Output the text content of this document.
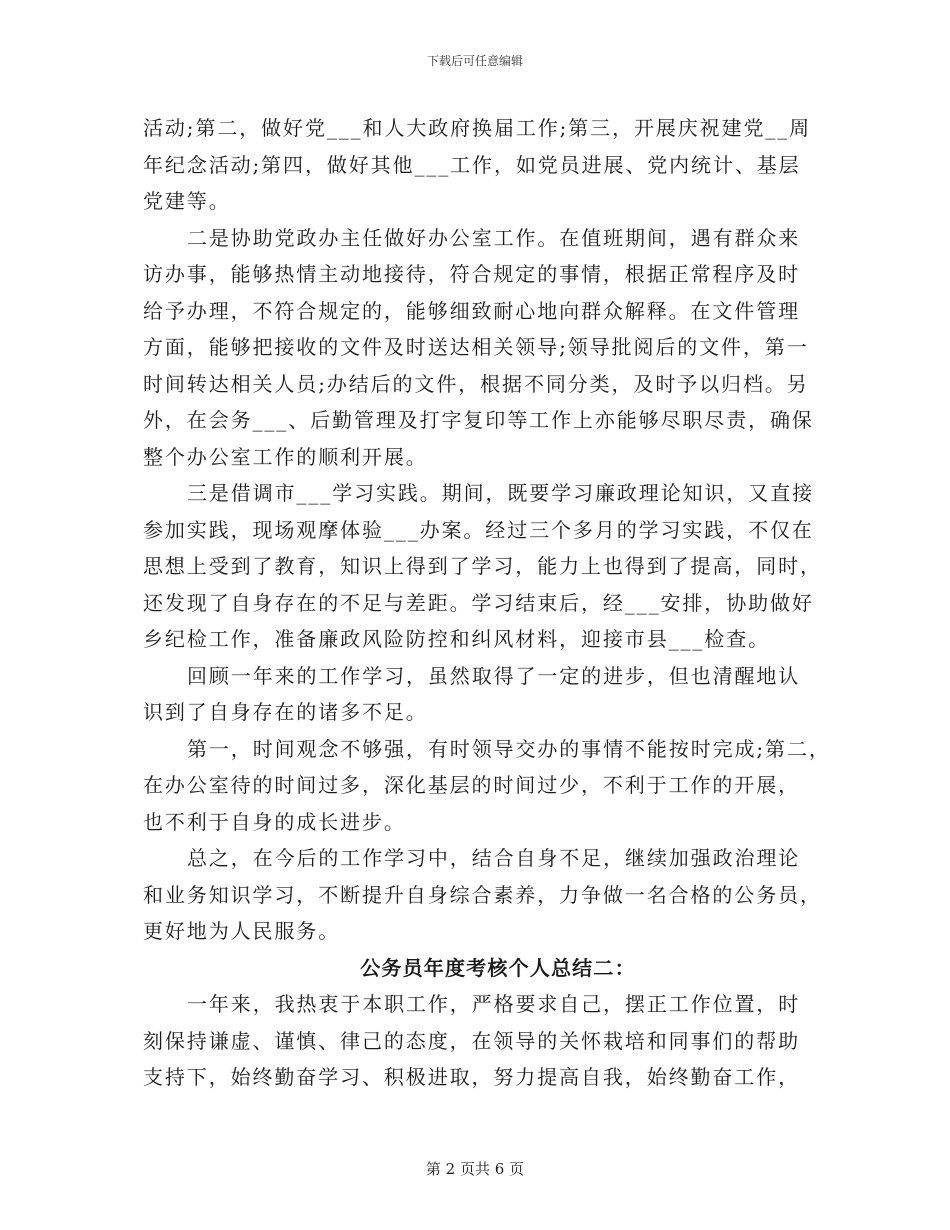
下载后可任意编辑
活动;第二，做好党___和人大政府换届工作;第三，开展庆祝建党__周
年纪念活动;第四，做好其他___工作，如党员进展、党内统计、基层
党建等。
二是协助党政办主任做好办公室工作。在值班期间，遇有群众来
访办事，能够热情主动地接待，符合规定的事情，根据正常程序及时
给予办理，不符合规定的，能够细致耐心地向群众解释。在文件管理
方面，能够把接收的文件及时送达相关领导;领导批阅后的文件，第一
时间转达相关人员;办结后的文件，根据不同分类，及时予以归档。另
外，在会务___、后勤管理及打字复印等工作上亦能够尽职尽责，确保
整个办公室工作的顺利开展。
三是借调市___学习实践。期间，既要学习廉政理论知识，又直接
参加实践，现场观摩体验___办案。经过三个多月的学习实践，不仅在
思想上受到了教育，知识上得到了学习，能力上也得到了提高，同时，
还发现了自身存在的不足与差距。学习结束后，经___安排，协助做好
乡纪检工作，准备廉政风险防控和纠风材料，迎接市县___检查。
回顾一年来的工作学习，虽然取得了一定的进步，但也清醒地认
识到了自身存在的诸多不足。
第一，时间观念不够强，有时领导交办的事情不能按时完成;第二，
在办公室待的时间过多，深化基层的时间过少，不利于工作的开展，
也不利于自身的成长进步。
总之，在今后的工作学习中，结合自身不足，继续加强政治理论
和业务知识学习，不断提升自身综合素养，力争做一名合格的公务员，
更好地为人民服务。
公务员年度考核个人总结二：
一年来，我热衷于本职工作，严格要求自己，摆正工作位置，时
刻保持谦虚、谨慎、律己的态度，在领导的关怀栽培和同事们的帮助
支持下，始终勤奋学习、积极进取，努力提高自我，始终勤奋工作，
第 2 页共 6 页
